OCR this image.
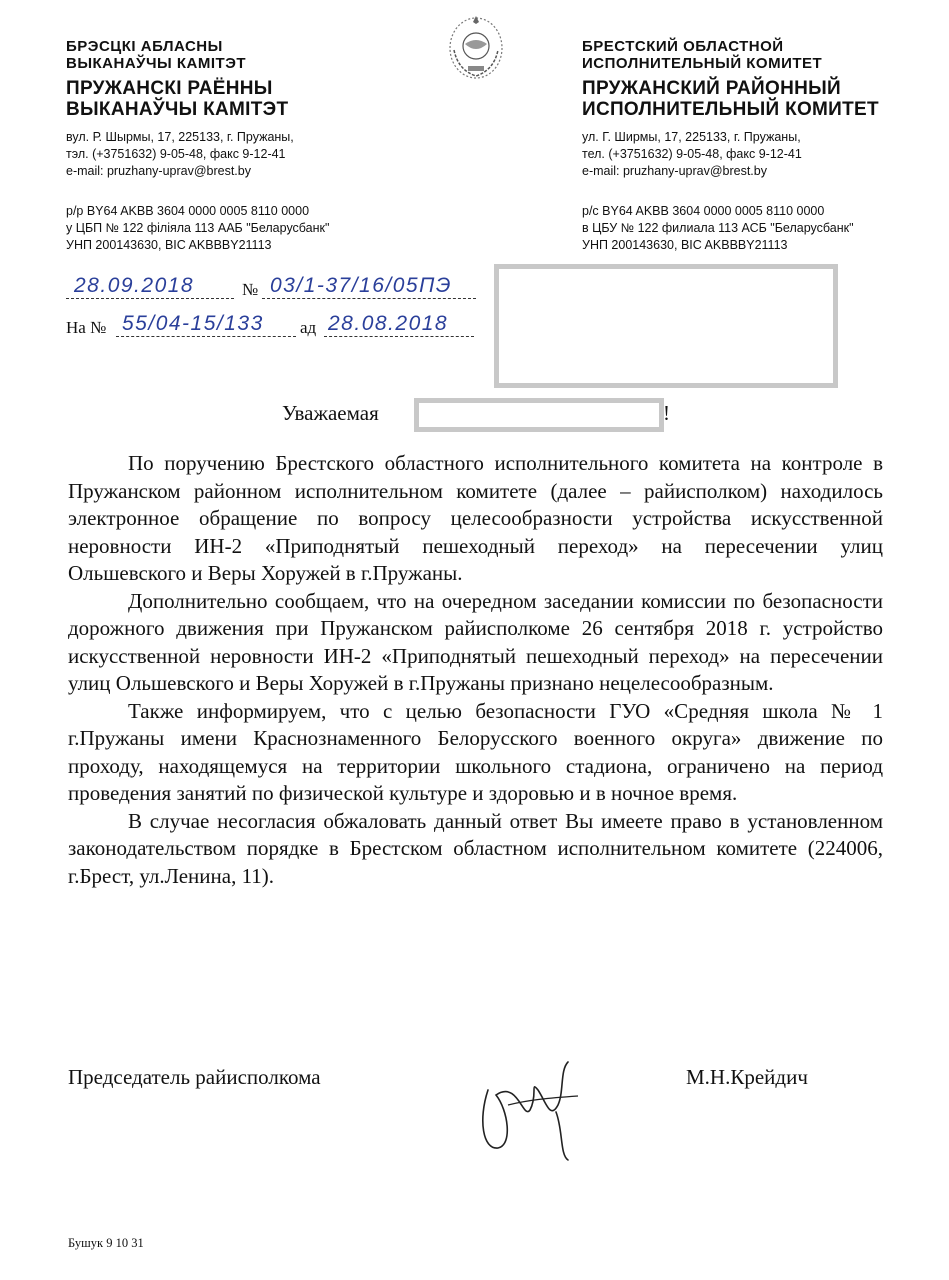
БРЭСЦКІ АБЛАСНЫ
ВЫКАНАЎЧЫ КАМІТЭТ
ПРУЖАНСКІ РАЁННЫ
ВЫКАНАЎЧЫ КАМІТЭТ
вул. Р. Шырмы, 17, 225133, г. Пружаны,
тэл. (+3751632) 9-05-48, факс 9-12-41
e-mail: pruzhany-uprav@brest.by
р/р BY64 AKBB 3604 0000 0005 8110 0000
у ЦБП № 122 філіяла 113 ААБ "Беларусбанк"
УНП 200143630, BIC AKBBBY21113
БРЕСТСКИЙ ОБЛАСТНОЙ
ИСПОЛНИТЕЛЬНЫЙ КОМИТЕТ
ПРУЖАНСКИЙ РАЙОННЫЙ
ИСПОЛНИТЕЛЬНЫЙ КОМИТЕТ
ул. Г. Ширмы, 17, 225133, г. Пружаны,
тел. (+3751632) 9-05-48, факс 9-12-41
e-mail: pruzhany-uprav@brest.by
р/с BY64 AKBB 3604 0000 0005 8110 0000
в ЦБУ № 122 филиала 113 АСБ "Беларусбанк"
УНП 200143630, BIC AKBBBY21113
28.09.2018	№ 03/1-37/16/05ПЭ
На № 55/04-15/133 ад 28.08.2018
Уважаемая	!

По поручению Брестского областного исполнительного комитета на контроле в Пружанском районном исполнительном комитете (далее – райисполком) находилось электронное обращение по вопросу целесообразности устройства искусственной неровности ИН-2 «Приподнятый пешеходный переход» на пересечении улиц Ольшевского и Веры Хоружей в г.Пружаны.

Дополнительно сообщаем, что на очередном заседании комиссии по безопасности дорожного движения при Пружанском райисполкоме 26 сентября 2018 г. устройство искусственной неровности ИН-2 «Приподнятый пешеходный переход» на пересечении улиц Ольшевского и Веры Хоружей в г.Пружаны признано нецелесообразным.

Также информируем, что с целью безопасности ГУО «Средняя школа № 1 г.Пружаны имени Краснознаменного Белорусского военного округа» движение по проходу, находящемуся на территории школьного стадиона, ограничено на период проведения занятий по физической культуре и здоровью и в ночное время.

В случае несогласия обжаловать данный ответ Вы имеете право в установленном законодательством порядке в Брестском областном исполнительном комитете (224006, г.Брест, ул.Ленина, 11).

Председатель райисполкома	М.Н.Крейдич
Бушук 9 10 31
